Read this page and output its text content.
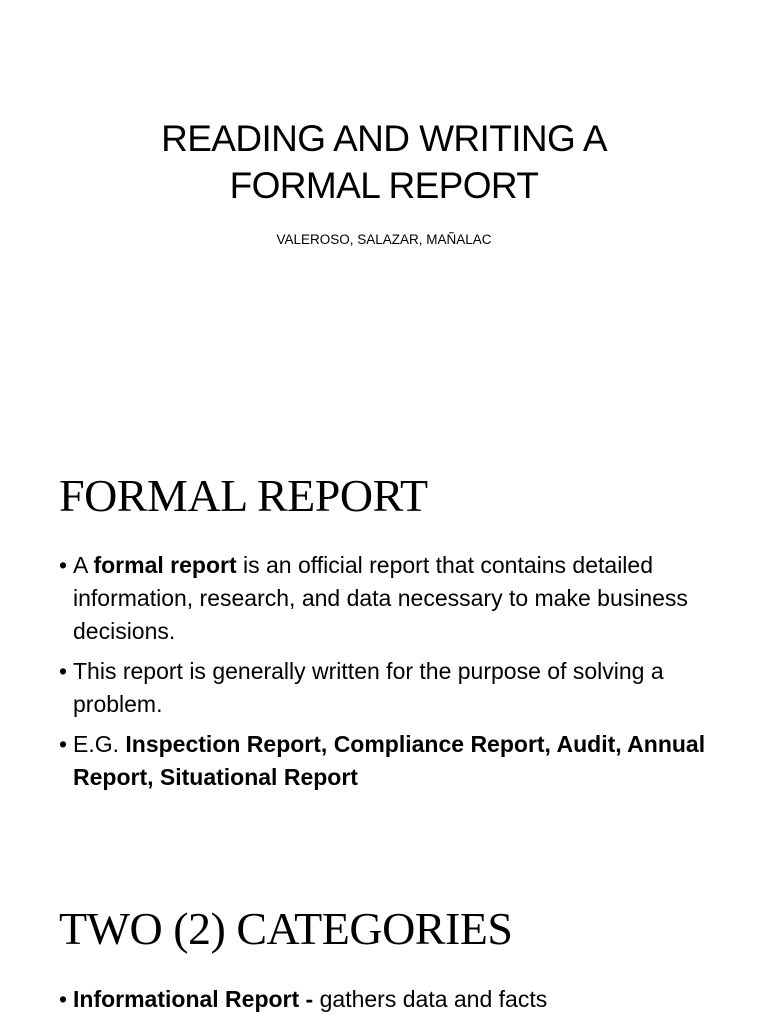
READING AND WRITING A
FORMAL REPORT
VALEROSO, SALAZAR, MAÑALAC
FORMAL REPORT
• A formal report is an official report that contains detailed information, research, and data necessary to make business decisions.
• This report is generally written for the purpose of solving a problem.
• E.G. Inspection Report, Compliance Report, Audit, Annual Report, Situational Report
TWO (2) CATEGORIES
• Informational Report - gathers data and facts
